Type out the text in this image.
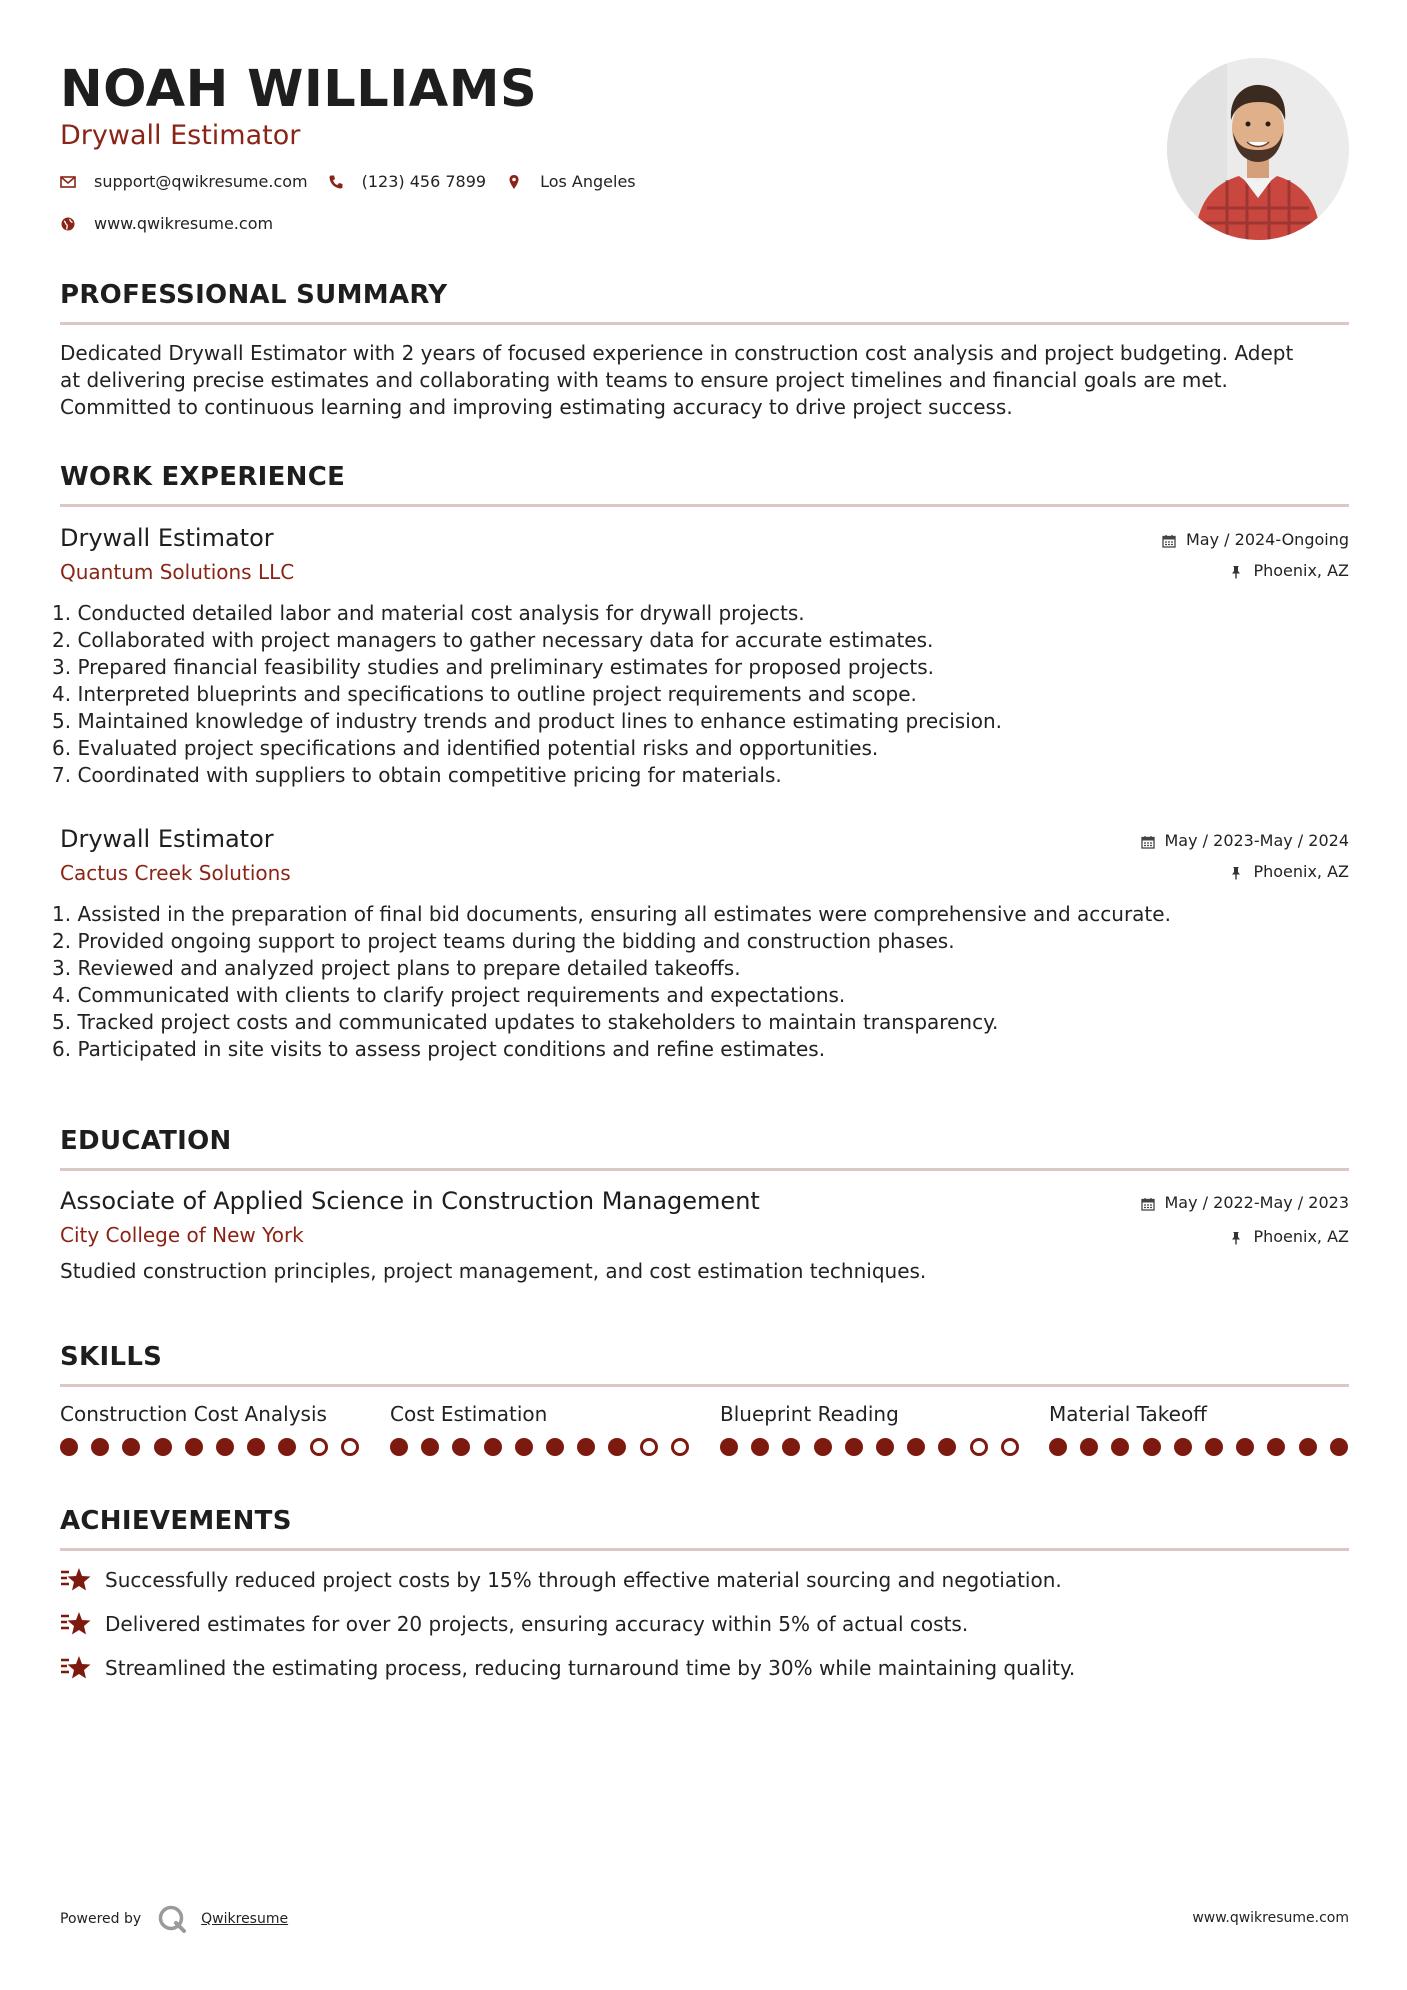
NOAH WILLIAMS
Drywall Estimator
support@qwikresume.com	(123) 456 7899	Los Angeles
www.qwikresume.com
PROFESSIONAL SUMMARY
Dedicated Drywall Estimator with 2 years of focused experience in construction cost analysis and project budgeting. Adept
at delivering precise estimates and collaborating with teams to ensure project timelines and financial goals are met.
Committed to continuous learning and improving estimating accuracy to drive project success.
WORK EXPERIENCE
Drywall Estimator
Quantum Solutions LLC
May / 2024-Ongoing
Phoenix, AZ
1. Conducted detailed labor and material cost analysis for drywall projects.
2. Collaborated with project managers to gather necessary data for accurate estimates.
3. Prepared financial feasibility studies and preliminary estimates for proposed projects.
4. Interpreted blueprints and specifications to outline project requirements and scope.
5. Maintained knowledge of industry trends and product lines to enhance estimating precision.
6. Evaluated project specifications and identified potential risks and opportunities.
7. Coordinated with suppliers to obtain competitive pricing for materials.
Drywall Estimator
Cactus Creek Solutions
May / 2023-May / 2024
Phoenix, AZ
1. Assisted in the preparation of final bid documents, ensuring all estimates were comprehensive and accurate.
2. Provided ongoing support to project teams during the bidding and construction phases.
3. Reviewed and analyzed project plans to prepare detailed takeoffs.
4. Communicated with clients to clarify project requirements and expectations.
5. Tracked project costs and communicated updates to stakeholders to maintain transparency.
6. Participated in site visits to assess project conditions and refine estimates.
EDUCATION
Associate of Applied Science in Construction Management
City College of New York
May / 2022-May / 2023
Phoenix, AZ
Studied construction principles, project management, and cost estimation techniques.
SKILLS
Construction Cost Analysis	Cost Estimation	Blueprint Reading	Material Takeoff
ACHIEVEMENTS
Successfully reduced project costs by 15% through effective material sourcing and negotiation.
Delivered estimates for over 20 projects, ensuring accuracy within 5% of actual costs.
Streamlined the estimating process, reducing turnaround time by 30% while maintaining quality.
Powered by	Qwikresume	www.qwikresume.com
